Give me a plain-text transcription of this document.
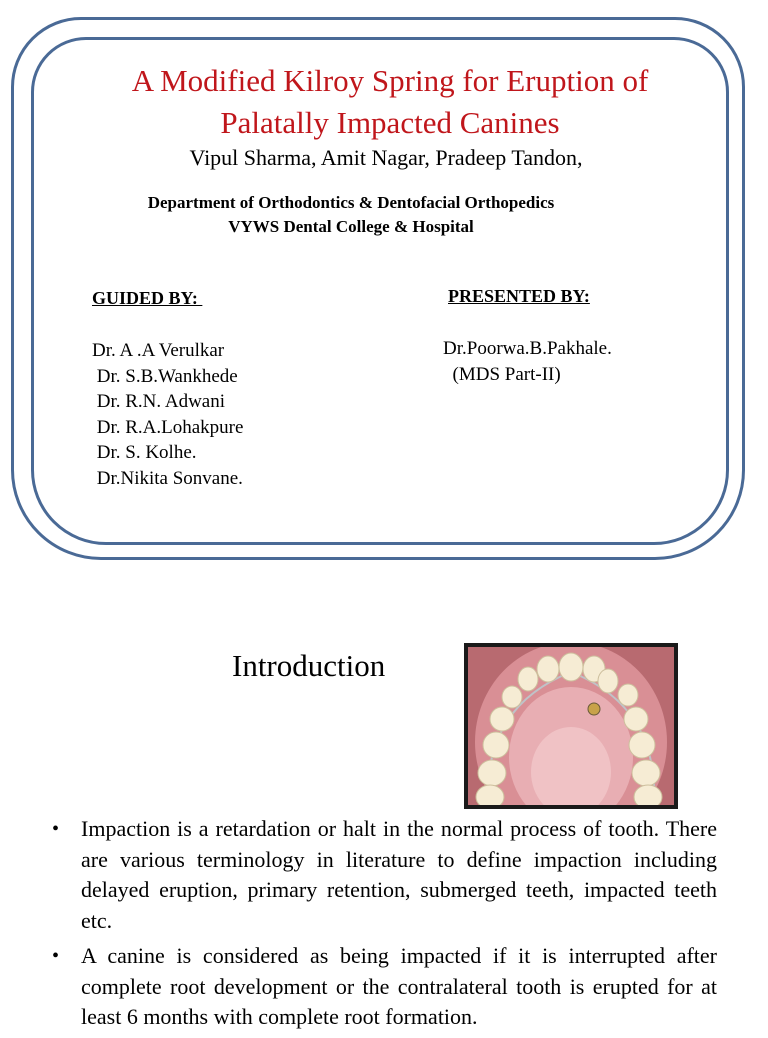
A Modified Kilroy Spring for Eruption of
Palatally Impacted Canines
Vipul Sharma, Amit Nagar, Pradeep Tandon,
Department of Orthodontics & Dentofacial Orthopedics
VYWS Dental College & Hospital
GUIDED BY:
Dr. A .A Verulkar
Dr. S.B.Wankhede
Dr. R.N. Adwani
Dr. R.A.Lohakpure
Dr. S. Kolhe.
Dr.Nikita Sonvane.
PRESENTED BY:
Dr.Poorwa.B.Pakhale.
(MDS Part-II)
Introduction
• Impaction is a retardation or halt in the normal process of tooth. There are various terminology in literature to define impaction including delayed eruption, primary retention, submerged teeth, impacted teeth etc.
• A canine is considered as being impacted if it is interrupted after complete root development or the contralateral tooth is erupted for at least 6 months with complete root formation.
